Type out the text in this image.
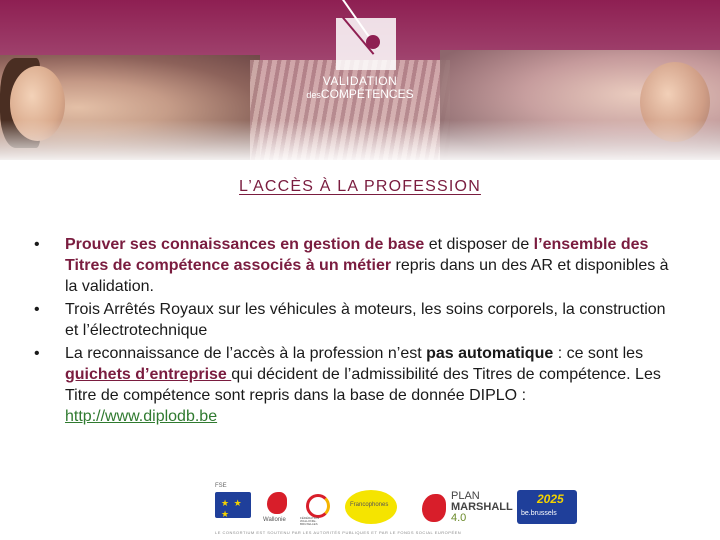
VALIDATION
desCOMPÉTENCES
L’ACCÈS À LA PROFESSION
• Prouver ses connaissances en gestion de base et disposer de l’ensemble des Titres de compétence associés à un métier repris dans un des AR et disponibles à la validation.
• Trois Arrêtés Royaux sur les véhicules à moteurs, les soins corporels, la construction et l’électrotechnique
• La reconnaissance de l’accès à la profession n’est pas automatique : ce sont les guichets d’entreprise qui décident de l’admissibilité des Titres de compétence. Les Titre de compétence sont repris dans la base de donnée DIPLO : http://www.diplodb.be
★ ★ ★
FSE
Wallonie	FÉDÉRATION WALLONIE-BRUXELLES
Francophones
PLAN
MARSHALL
4.0
2025
be.brussels
LE CONSORTIUM EST SOUTENU PAR LES AUTORITÉS PUBLIQUES ET PAR LE FONDS SOCIAL EUROPÉEN
